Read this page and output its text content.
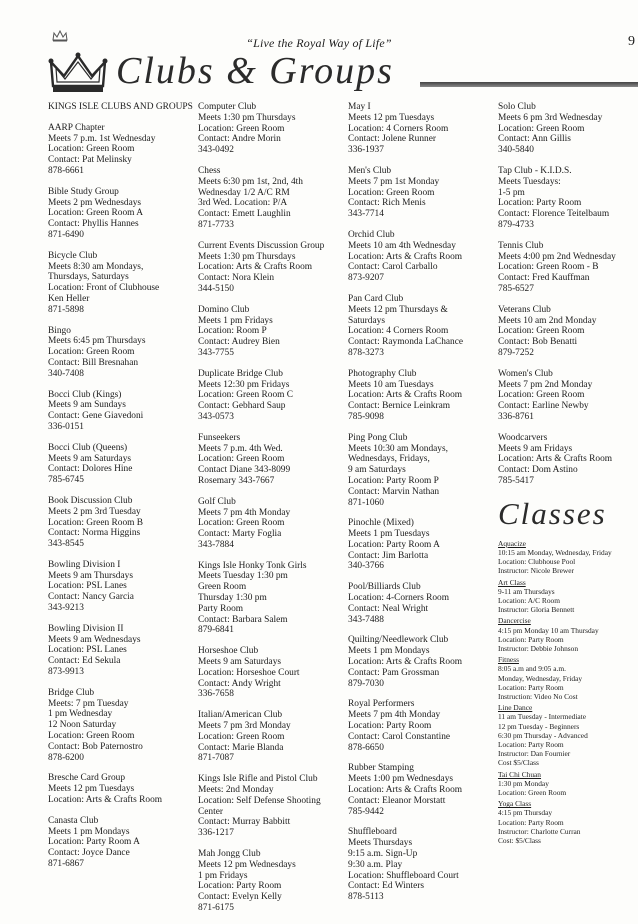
9
“Live the Royal Way of Life”
Clubs & Groups
KINGS ISLE CLUBS AND GROUPS
AARP Chapter
Meets 7 p.m. 1st Wednesday
Location: Green Room
Contact: Pat Melinsky
878-6661
Bible Study Group
Meets 2 pm Wednesdays
Location: Green Room A
Contact: Phyllis Hannes
871-6490
Bicycle Club
Meets 8:30 am Mondays,
Thursdays, Saturdays
Location: Front of Clubhouse
Ken Heller
871-5898
Bingo
Meets 6:45 pm Thursdays
Location: Green Room
Contact: Bill Bresnahan
340-7408
Bocci Club (Kings)
Meets 9 am Sundays
Contact: Gene Giavedoni
336-0151
Bocci Club (Queens)
Meets 9 am Saturdays
Contact: Dolores Hine
785-6745
Book Discussion Club
Meets 2 pm 3rd Tuesday
Location: Green Room B
Contact: Norma Higgins
343-8545
Bowling Division I
Meets 9 am Thursdays
Location: PSL Lanes
Contact: Nancy Garcia
343-9213
Bowling Division II
Meets 9 am Wednesdays
Location: PSL Lanes
Contact: Ed Sekula
873-9913
Bridge Club
Meets: 7 pm Tuesday
1 pm Wednesday
12 Noon Saturday
Location: Green Room
Contact: Bob Paternostro
878-6200
Bresche Card Group
Meets 12 pm Tuesdays
Location: Arts & Crafts Room
Canasta Club
Meets 1 pm Mondays
Location: Party Room A
Contact: Joyce Dance
871-6867
Computer Club
Meets 1:30 pm Thursdays
Location: Green Room
Contact: Andre Morin
343-0492
Chess
Meets 6:30 pm 1st, 2nd, 4th
Wednesday 1/2 A/C RM
3rd Wed. Location: P/A
Contact: Emett Laughlin
871-7733
Current Events Discussion Group
Meets 1:30 pm Thursdays
Location: Arts & Crafts Room
Contact: Nora Klein
344-5150
Domino Club
Meets 1 pm Fridays
Location: Room P
Contact: Audrey Bien
343-7755
Duplicate Bridge Club
Meets 12:30 pm Fridays
Location: Green Room C
Contact: Gebhard Saup
343-0573
Funseekers
Meets 7 p.m. 4th Wed.
Location: Green Room
Contact Diane 343-8099
Rosemary 343-7667
Golf Club
Meets 7 pm 4th Monday
Location: Green Room
Contact: Marty Foglia
343-7884
Kings Isle Honky Tonk Girls
Meets Tuesday 1:30 pm
Green Room
Thursday 1:30 pm
Party Room
Contact: Barbara Salem
879-6841
Horseshoe Club
Meets 9 am Saturdays
Location: Horseshoe Court
Contact: Andy Wright
336-7658
Italian/American Club
Meets 7 pm 3rd Monday
Location: Green Room
Contact: Marie Blanda
871-7087
Kings Isle Rifle and Pistol Club
Meets: 2nd Monday
Location: Self Defense Shooting
Center
Contact: Murray Babbitt
336-1217
Mah Jongg Club
Meets 12 pm Wednesdays
1 pm Fridays
Location: Party Room
Contact: Evelyn Kelly
871-6175
May I
Meets 12 pm Tuesdays
Location: 4 Corners Room
Contact: Jolene Runner
336-1937
Men's Club
Meets 7 pm 1st Monday
Location: Green Room
Contact: Rich Menis
343-7714
Orchid Club
Meets 10 am 4th Wednesday
Location: Arts & Crafts Room
Contact: Carol Carballo
873-9207
Pan Card Club
Meets 12 pm Thursdays &
Saturdays
Location: 4 Corners Room
Contact: Raymonda LaChance
878-3273
Photography Club
Meets 10 am Tuesdays
Location: Arts & Crafts Room
Contact: Bernice Leinkram
785-9098
Ping Pong Club
Meets 10:30 am Mondays,
Wednesdays, Fridays,
9 am Saturdays
Location: Party Room P
Contact: Marvin Nathan
871-1060
Pinochle (Mixed)
Meets 1 pm Tuesdays
Location: Party Room A
Contact: Jim Barlotta
340-3766
Pool/Billiards Club
Location: 4-Corners Room
Contact: Neal Wright
343-7488
Quilting/Needlework Club
Meets 1 pm Mondays
Location: Arts & Crafts Room
Contact: Pam Grossman
879-7030
Royal Performers
Meets 7 pm 4th Monday
Location: Party Room
Contact: Carol Constantine
878-6650
Rubber Stamping
Meets 1:00 pm Wednesdays
Location: Arts & Crafts Room
Contact: Eleanor Morstatt
785-9442
Shuffleboard
Meets Thursdays
9:15 a.m. Sign-Up
9:30 a.m. Play
Location: Shuffleboard Court
Contact: Ed Winters
878-5113
Solo Club
Meets 6 pm 3rd Wednesday
Location: Green Room
Contact: Ann Gillis
340-5840
Tap Club - K.I.D.S.
Meets Tuesdays:
1-5 pm
Location: Party Room
Contact: Florence Teitelbaum
879-4733
Tennis Club
Meets 4:00 pm 2nd Wednesday
Location: Green Room - B
Contact: Fred Kauffman
785-6527
Veterans Club
Meets 10 am 2nd Monday
Location: Green Room
Contact: Bob Benatti
879-7252
Women's Club
Meets 7 pm 2nd Monday
Location: Green Room
Contact: Earline Newby
336-8761
Woodcarvers
Meets 9 am Fridays
Location: Arts & Crafts Room
Contact: Dom Astino
785-5417
Classes
Aquacize
10:15 am Monday, Wednesday, Friday
Location: Clubhouse Pool
Instructor: Nicole Brewer
Art Class
9-11 am Thursdays
Location: A/C Room
Instructor: Gloria Bennett
Dancercise
4:15 pm Monday 10 am Thursday
Location: Party Room
Instructor: Debbie Johnson
Fitness
8:05 a.m and 9:05 a.m.
Monday, Wednesday, Friday
Location: Party Room
Instruction: Video No Cost
Line Dance
11 am Tuesday - Intermediate
12 pm Tuesday - Beginners
6:30 pm Thursday - Advanced
Location: Party Room
Instructor: Dan Fournier
Cost $5/Class
Tai Chi Chuan
1:30 pm Monday
Location: Green Room
Yoga Class
4:15 pm Thursday
Location: Party Room
Instructor: Charlotte Curran
Cost: $5/Class
